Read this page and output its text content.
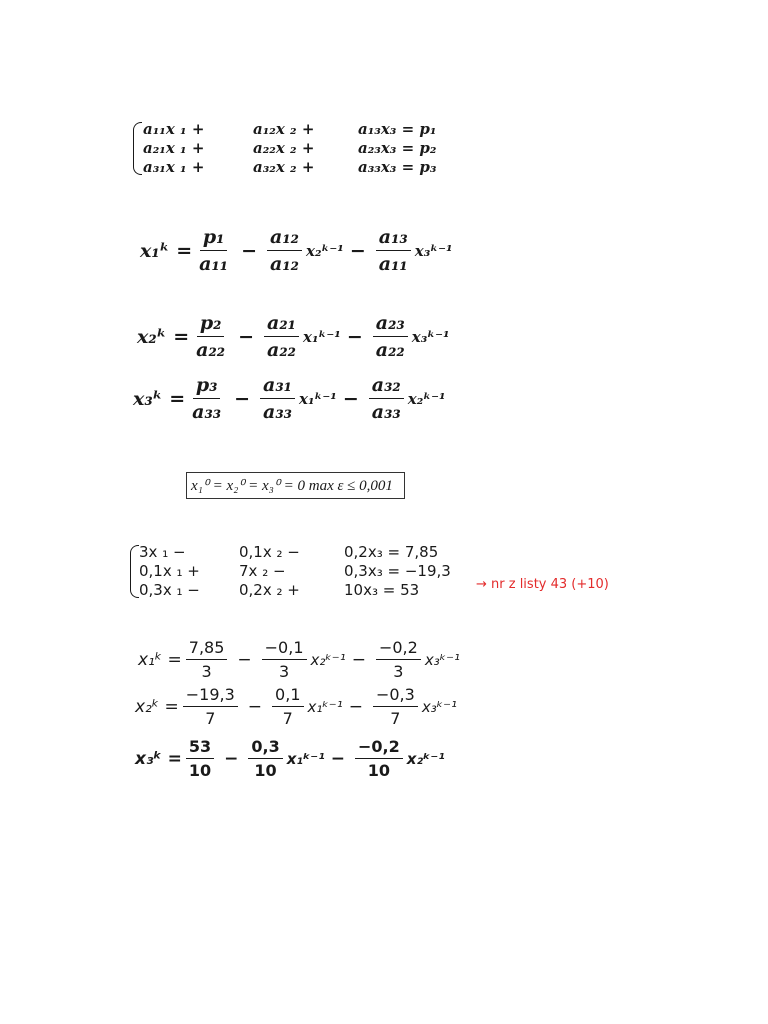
a₁₁x ₁ +	a₁₂x ₂ +	a₁₃x₃ = p₁
a₂₁x ₁ +	a₂₂x ₂ +	a₂₃x₃ = p₂
a₃₁x ₁ +	a₃₂x ₂ +	a₃₃x₃ = p₃
x₁ᵏ = $\frac{\text{p₁}}{\text{a₁₁}} - \frac{\text{a₁₂}}{\text{a₁₂}}$ x₂ᵏ⁻¹ − $\frac{\text{a₁₃}}{\text{a₁₁}}$ x₃ᵏ⁻¹
x₂ᵏ = $\frac{\text{p₂}}{\text{a₂₂}} - \frac{\text{a₂₁}}{\text{a₂₂}}$ x₁ᵏ⁻¹ − $\frac{\text{a₂₃}}{\text{a₂₂}}$ x₃ᵏ⁻¹
x₃ᵏ = $\frac{\text{p₃}}{\text{a₃₃}} - \frac{\text{a₃₁}}{\text{a₃₃}}$ x₁ᵏ⁻¹ − $\frac{\text{a₃₂}}{\text{a₃₃}}$ x₂ᵏ⁻¹
x₁⁰ = x₂⁰ = x₃⁰ = 0 max ε ≤ 0,001
3x ₁ −	0,1x ₂ −	0,2x₃ = 7,85
0,1x ₁ +	7x ₂ −	0,3x₃ = −19,3
0,3x ₁ −	0,2x ₂ +	10x₃ = 53	→ nr z listy 43 (+10)
x₁ᵏ = $\frac{7,85}{3} - \frac{-0,1}{3}$ x₂ᵏ⁻¹ − $\frac{-0,2}{3}$ x₃ᵏ⁻¹
x₂ᵏ = $\frac{-19,3}{7} - \frac{0,1}{7}$ x₁ᵏ⁻¹ − $\frac{-0,3}{7}$ x₃ᵏ⁻¹
x₃ᵏ = $\frac{53}{10} - \frac{0,3}{10}$ x₁ᵏ⁻¹ − $\frac{-0,2}{10}$ x₂ᵏ⁻¹
